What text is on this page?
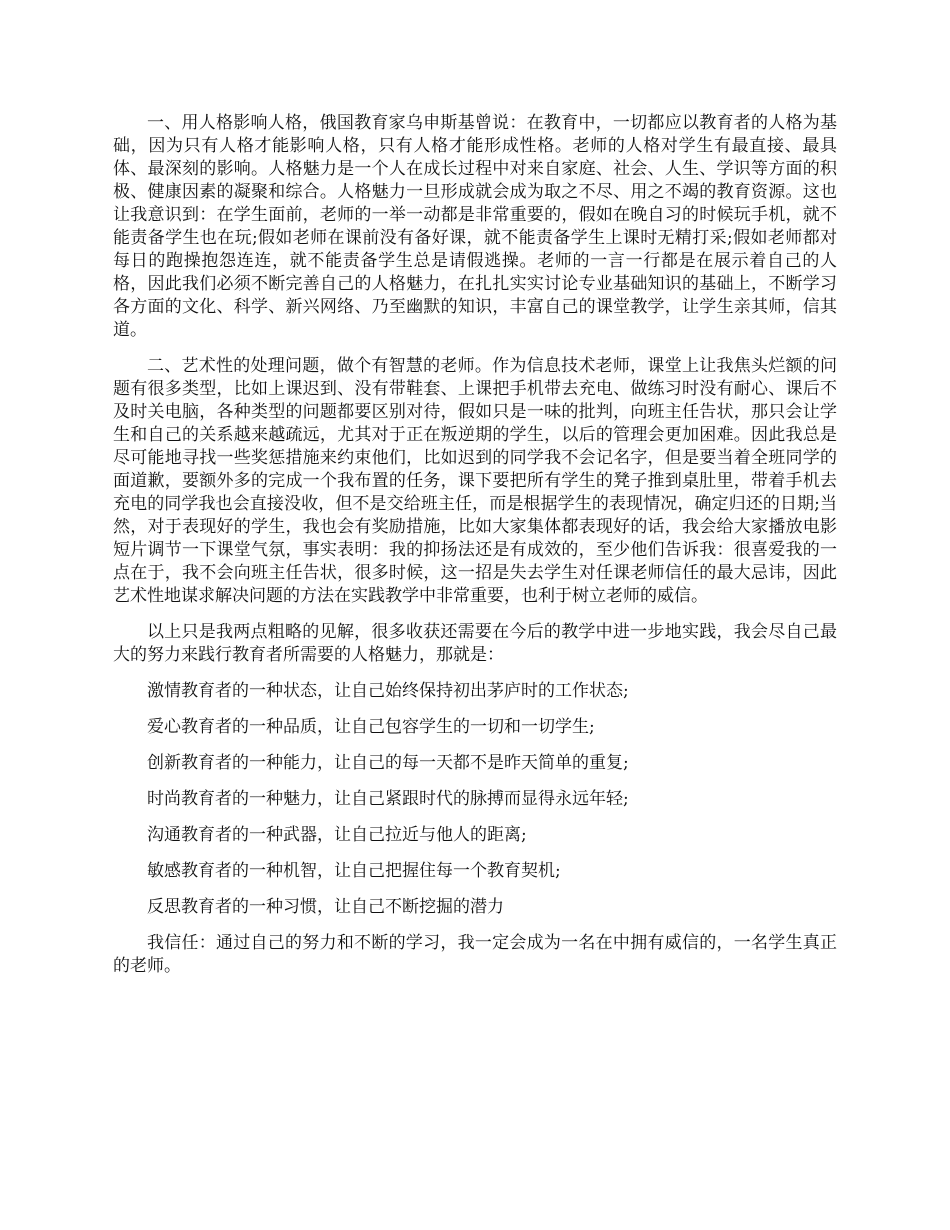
一、用人格影响人格，俄国教育家乌申斯基曾说：在教育中，一切都应以教育者的人格为基础，因为只有人格才能影响人格，只有人格才能形成性格。老师的人格对学生有最直接、最具体、最深刻的影响。人格魅力是一个人在成长过程中对来自家庭、社会、人生、学识等方面的积极、健康因素的凝聚和综合。人格魅力一旦形成就会成为取之不尽、用之不竭的教育资源。这也让我意识到：在学生面前，老师的一举一动都是非常重要的，假如在晚自习的时候玩手机，就不能责备学生也在玩;假如老师在课前没有备好课，就不能责备学生上课时无精打采;假如老师都对每日的跑操抱怨连连，就不能责备学生总是请假逃操。老师的一言一行都是在展示着自己的人格，因此我们必须不断完善自己的人格魅力，在扎扎实实讨论专业基础知识的基础上，不断学习各方面的文化、科学、新兴网络、乃至幽默的知识，丰富自己的课堂教学，让学生亲其师，信其道。

二、艺术性的处理问题，做个有智慧的老师。作为信息技术老师，课堂上让我焦头烂额的问题有很多类型，比如上课迟到、没有带鞋套、上课把手机带去充电、做练习时没有耐心、课后不及时关电脑，各种类型的问题都要区别对待，假如只是一味的批判，向班主任告状，那只会让学生和自己的关系越来越疏远，尤其对于正在叛逆期的学生，以后的管理会更加困难。因此我总是尽可能地寻找一些奖惩措施来约束他们，比如迟到的同学我不会记名字，但是要当着全班同学的面道歉，要额外多的完成一个我布置的任务，课下要把所有学生的凳子推到桌肚里，带着手机去充电的同学我也会直接没收，但不是交给班主任，而是根据学生的表现情况，确定归还的日期;当然，对于表现好的学生，我也会有奖励措施，比如大家集体都表现好的话，我会给大家播放电影短片调节一下课堂气氛，事实表明：我的抑扬法还是有成效的，至少他们告诉我：很喜爱我的一点在于，我不会向班主任告状，很多时候，这一招是失去学生对任课老师信任的最大忌讳，因此艺术性地谋求解决问题的方法在实践教学中非常重要，也利于树立老师的威信。

以上只是我两点粗略的见解，很多收获还需要在今后的教学中进一步地实践，我会尽自己最大的努力来践行教育者所需要的人格魅力，那就是：

激情教育者的一种状态，让自己始终保持初出茅庐时的工作状态;
爱心教育者的一种品质，让自己包容学生的一切和一切学生;
创新教育者的一种能力，让自己的每一天都不是昨天简单的重复;
时尚教育者的一种魅力，让自己紧跟时代的脉搏而显得永远年轻;
沟通教育者的一种武器，让自己拉近与他人的距离;
敏感教育者的一种机智，让自己把握住每一个教育契机;
反思教育者的一种习惯，让自己不断挖掘的潜力

我信任：通过自己的努力和不断的学习，我一定会成为一名在中拥有威信的，一名学生真正的老师。
